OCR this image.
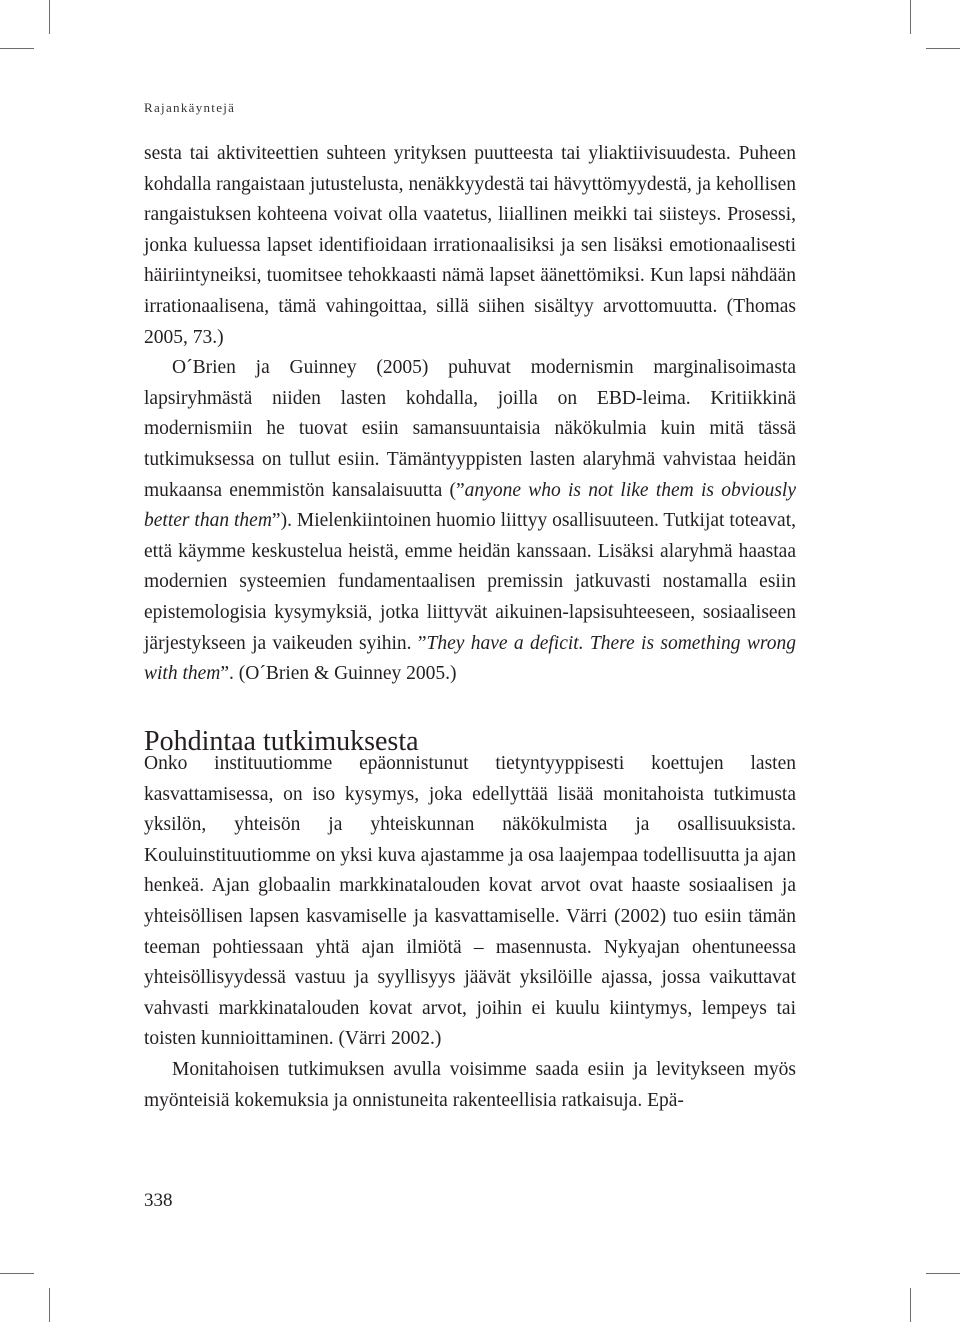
Rajankäyntejä

sesta tai aktiviteettien suhteen yrityksen puutteesta tai yliaktiivisuudesta. Puheen kohdalla rangaistaan jutustelusta, nenäkkyydestä tai hävyttömyydestä, ja kehollisen rangaistuksen kohteena voivat olla vaatetus, liiallinen meikki tai siisteys. Prosessi, jonka kuluessa lapset identifioidaan irrationaalisiksi ja sen lisäksi emotionaalisesti häiriintyneiksi, tuomitsee tehokkaasti nämä lapset äänettömiksi. Kun lapsi nähdään irrationaalisena, tämä vahingoittaa, sillä siihen sisältyy arvottomuutta. (Thomas 2005, 73.)

O´Brien ja Guinney (2005) puhuvat modernismin marginalisoimasta lapsiryhmästä niiden lasten kohdalla, joilla on EBD-leima. Kritiikkinä modernismiin he tuovat esiin samansuuntaisia näkökulmia kuin mitä tässä tutkimuksessa on tullut esiin. Tämäntyyppisten lasten alaryhmä vahvistaa heidän mukaansa enemmistön kansalaisuutta (”anyone who is not like them is obviously better than them”). Mielenkiintoinen huomio liittyy osallisuuteen. Tutkijat toteavat, että käymme keskustelua heistä, emme heidän kanssaan. Lisäksi alaryhmä haastaa modernien systeemien fundamentaalisen premissin jatkuvasti nostamalla esiin epistemologisia kysymyksiä, jotka liittyvät aikuinen-lapsisuhteeseen, sosiaaliseen järjestykseen ja vaikeuden syihin. ”They have a deficit. There is something wrong with them”. (O´Brien & Guinney 2005.)

Pohdintaa tutkimuksesta

Onko instituutiomme epäonnistunut tietyntyyppisesti koettujen lasten kasvattamisessa, on iso kysymys, joka edellyttää lisää monitahoista tutkimusta yksilön, yhteisön ja yhteiskunnan näkökulmista ja osallisuuksista. Kouluinstituutiomme on yksi kuva ajastamme ja osa laajempaa todellisuutta ja ajan henkeä. Ajan globaalin markkinatalouden kovat arvot ovat haaste sosiaalisen ja yhteisöllisen lapsen kasvamiselle ja kasvattamiselle. Värri (2002) tuo esiin tämän teeman pohtiessaan yhtä ajan ilmiötä – masennusta. Nykyajan ohentuneessa yhteisöllisyydessä vastuu ja syyllisyys jäävät yksilöille ajassa, jossa vaikuttavat vahvasti markkinatalouden kovat arvot, joihin ei kuulu kiintymys, lempeys tai toisten kunnioittaminen. (Värri 2002.)

Monitahoisen tutkimuksen avulla voisimme saada esiin ja levitykseen myös myönteisiä kokemuksia ja onnistuneita rakenteellisia ratkaisuja. Epä-

338
